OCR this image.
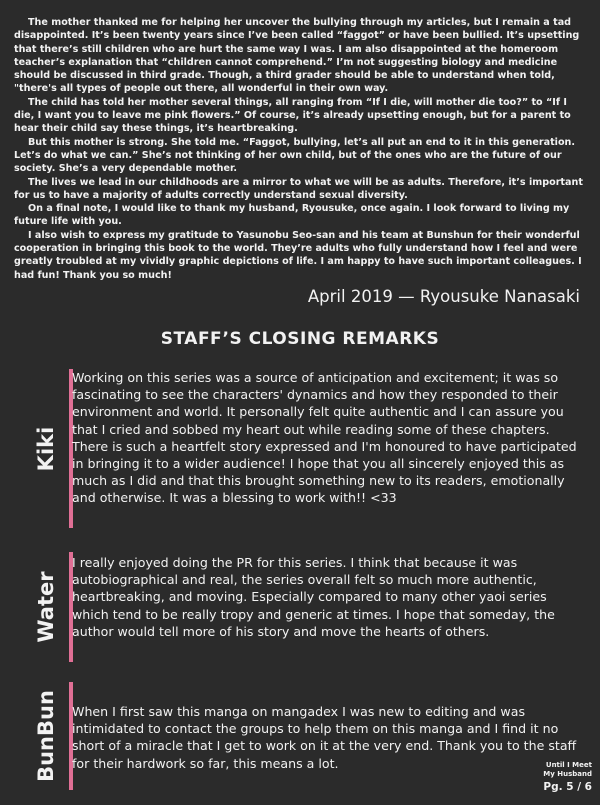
The mother thanked me for helping her uncover the bullying through my articles, but I remain a tad disappointed. It’s been twenty years since I’ve been called “faggot” or have been bullied. It’s upsetting that there’s still children who are hurt the same way I was. I am also disappointed at the homeroom teacher’s explanation that “children cannot comprehend.” I’m not suggesting biology and medicine should be discussed in third grade. Though, a third grader should be able to understand when told, "there's all types of people out there, all wonderful in their own way.

The child has told her mother several things, all ranging from “If I die, will mother die too?” to “If I die, I want you to leave me pink flowers.” Of course, it’s already upsetting enough, but for a parent to hear their child say these things, it’s heartbreaking.

But this mother is strong. She told me. “Faggot, bullying, let’s all put an end to it in this generation. Let’s do what we can.” She’s not thinking of her own child, but of the ones who are the future of our society. She’s a very dependable mother.

The lives we lead in our childhoods are a mirror to what we will be as adults. Therefore, it’s important for us to have a majority of adults correctly understand sexual diversity.

On a final note, I would like to thank my husband, Ryousuke, once again. I look forward to living my future life with you.

I also wish to express my gratitude to Yasunobu Seo-san and his team at Bunshun for their wonderful cooperation in bringing this book to the world. They’re adults who fully understand how I feel and were greatly troubled at my vividly graphic depictions of life. I am happy to have such important colleagues. I had fun! Thank you so much!

April 2019 — Ryousuke Nanasaki
STAFF’S CLOSING REMARKS
Kiki
Working on this series was a source of anticipation and excitement; it was so fascinating to see the characters' dynamics and how they responded to their environment and world. It personally felt quite authentic and I can assure you that I cried and sobbed my heart out while reading some of these chapters. There is such a heartfelt story expressed and I'm honoured to have participated in bringing it to a wider audience! I hope that you all sincerely enjoyed this as much as I did and that this brought something new to its readers, emotionally and otherwise. It was a blessing to work with!! <33
Water
I really enjoyed doing the PR for this series. I think that because it was autobiographical and real, the series overall felt so much more authentic, heartbreaking, and moving. Especially compared to many other yaoi series which tend to be really tropy and generic at times. I hope that someday, the author would tell more of his story and move the hearts of others.
BunBun When I first saw this manga on mangadex I was new to editing and was intimidated to contact the groups to help them on this manga and I find it no short of a miracle that I get to work on it at the very end. Thank you to the staff for their hardwork so far, this means a lot.	Until I Meet
My Husband
Pg. 5 / 6
